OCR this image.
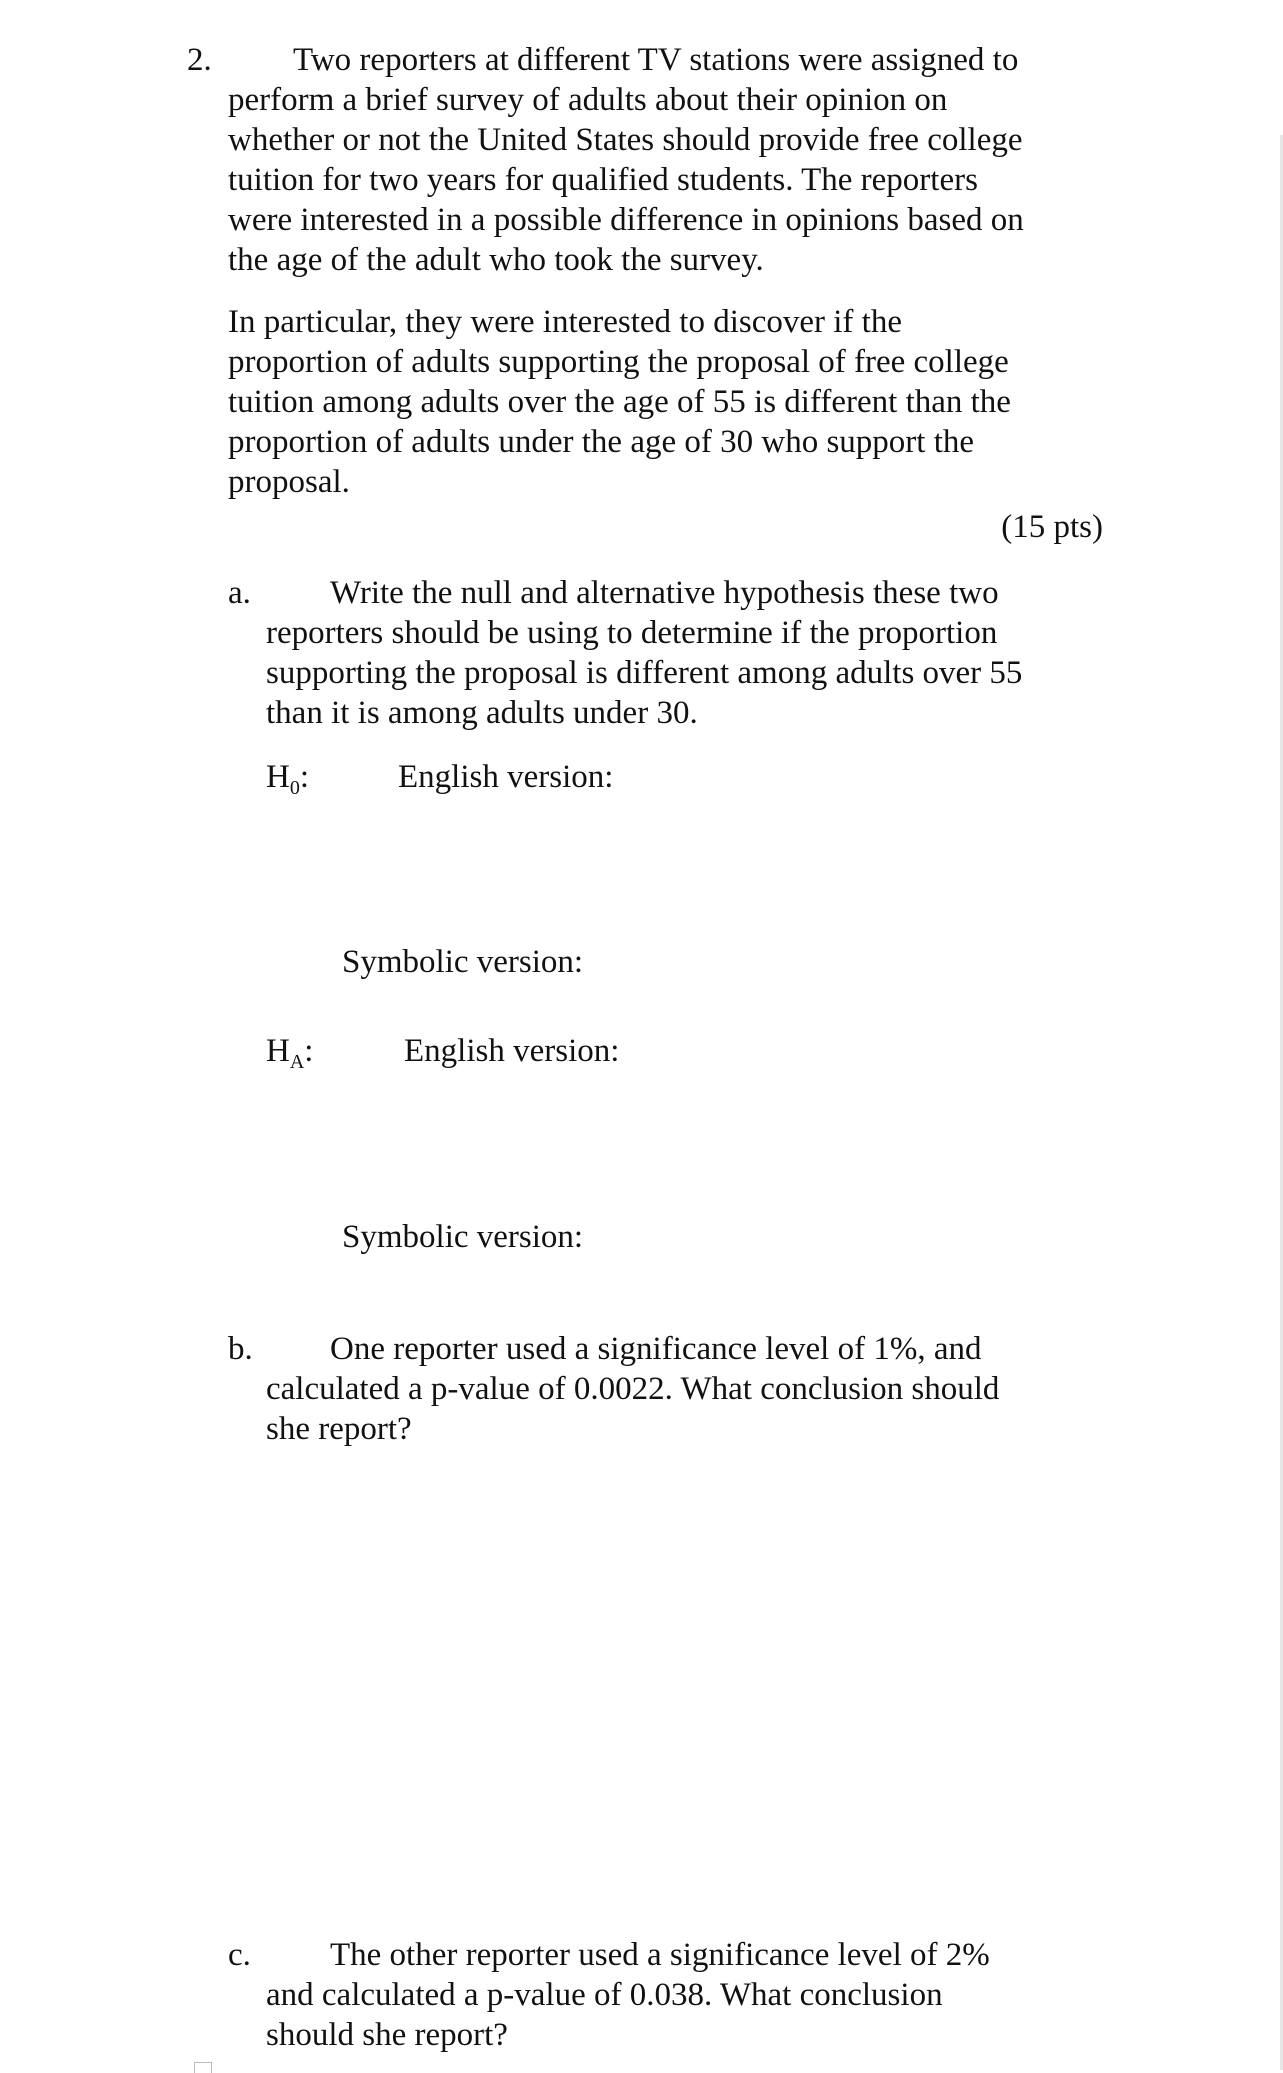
2. Two reporters at different TV stations were assigned to
perform a brief survey of adults about their opinion on
whether or not the United States should provide free college
tuition for two years for qualified students. The reporters
were interested in a possible difference in opinions based on
the age of the adult who took the survey.
In particular, they were interested to discover if the
proportion of adults supporting the proposal of free college
tuition among adults over the age of 55 is different than the
proportion of adults under the age of 30 who support the
proposal.
(15 pts)
a. Write the null and alternative hypothesis these two
reporters should be using to determine if the proportion
supporting the proposal is different among adults over 55
than it is among adults under 30.
$H_0$:	English version:
Symbolic version:
$H_A$:	English version:
Symbolic version:
b. One reporter used a significance level of 1%, and
calculated a p-value of 0.0022. What conclusion should
she report?
c. The other reporter used a significance level of 2%
and calculated a p-value of 0.038. What conclusion
should she report?
